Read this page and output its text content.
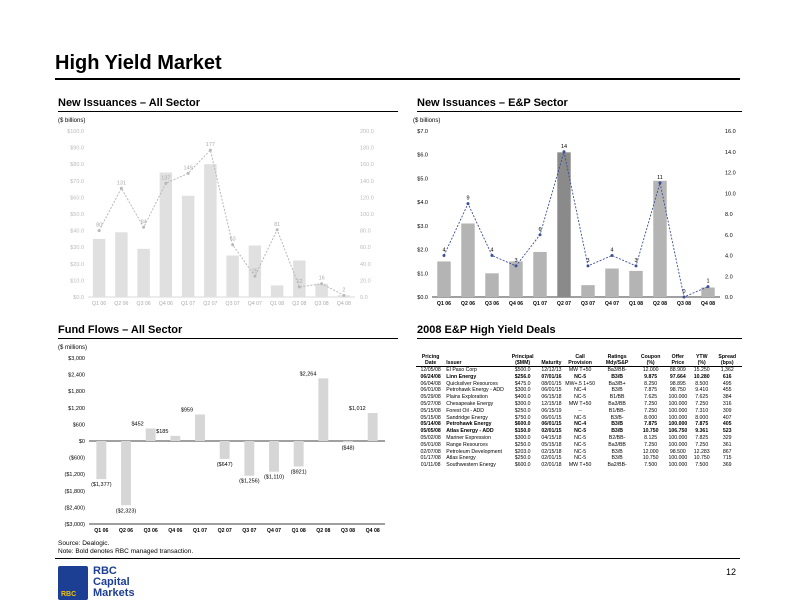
High Yield Market
New Issuances – All Sector	New Issuances – E&P Sector
($ billions)	($ billions)
$0.0
$10.0
$20.0
$30.0
$40.0
$50.0
$60.0
$70.0
$80.0
$90.0
$100.0
0.0
20.0
40.0
60.0
80.0
100.0
120.0
140.0
160.0
180.0
200.0
80
131
84
137
149
177
63
25
81
12
16
2
Q1 06 Q2 06 Q3 06 Q4 06 Q1 07 Q2 07 Q3 07 Q4 07 Q1 08 Q2 08 Q3 08 Q4 08
$0.0
$1.0
$2.0
$3.0
$4.0
$5.0
$6.0
$7.0
0.0
2.0
4.0
6.0
8.0
10.0
12.0
14.0
16.0
4
9
4
3
6
14
3
4
3
11
0
1
Q1 06 Q2 06 Q3 06 Q4 06 Q1 07 Q2 07 Q3 07 Q4 07 Q1 08 Q2 08 Q3 08 Q4 08
Fund Flows – All Sector	2008 E&P High Yield Deals
($ millions)
($3,000)
($2,400)
($1,800)
($1,200)
($600)
$0
$600
$1,200
$1,800
$2,400
$3,000
($1,377)
($2,323)
$452
$185
$959
($647)
($1,256)
($1,110)
($921)
$2,264
($48)
$1,012
Q1 06 Q2 06 Q3 06 Q4 06 Q1 07 Q2 07 Q3 07 Q4 07 Q1 08 Q2 08 Q3 08 Q4 08
Pricing Date	Issuer	Principal ($MM)	Maturity	Call Provision	Ratings Mdy/S&P	Coupon (%)	Offer Price	YTW (%)	Spread (bps)
12/05/08	El Paso Corp	$500.0	12/12/13	MW T+50	Ba3/BB-	12.000	88.909	15.250	1,362
06/24/08	Linn Energy	$256.0	07/01/16	NC-5	B3/B	9.875	97.664	10.280	616
06/04/08	Quicksilver Resources	$475.0	08/01/15	MW+.5 1+50	Ba3/B+	8.250	98.895	8.500	495
06/01/08	Petrohawk Energy - ADD	$300.0	06/01/15	NC-4	B3/B	7.875	98.750	9.410	455
05/29/08	Plains Exploration	$400.0	06/15/18	NC-5	B1/BB	7.625	100.000	7.625	384
05/27/08	Chesapeake Energy	$300.0	12/15/18	MW T+50	Ba3/BB	7.250	100.000	7.250	316
05/15/08	Forest Oil - ADD	$250.0	06/15/19	--	B1/BB-	7.250	100.000	7.310	309
05/15/08	Sandridge Energy	$750.0	06/01/15	NC-5	B3/B-	8.000	100.000	8.000	407
05/14/08	Petrohawk Energy	$600.0	06/01/15	NC-4	B3/B	7.875	100.000	7.875	405
05/05/08	Atlas Energy - ADD	$150.0	02/01/15	NC-5	B3/B	10.750	106.750	9.361	523
05/02/08	Mariner Expression	$300.0	04/15/18	NC-5	B2/BB-	8.125	100.000	7.825	329
05/01/08	Range Resources	$250.0	05/15/18	NC-5	Ba3/BB	7.250	100.000	7.250	361
02/07/08	Petroleum Development	$203.0	02/15/18	NC-5	B3/B	12.000	98.500	12.283	867
01/17/08	Atlas Energy	$250.0	02/01/15	NC-5	B3/B	10.750	100.000	10.750	715
01/11/08	Southwestern Energy	$600.0	02/01/18	MW T+50	Ba2/BB-	7.500	100.000	7.500	369
Source: Dealogic.
Note: Bold denotes RBC managed transaction.
12
RBC
RBC
Capital
Markets
